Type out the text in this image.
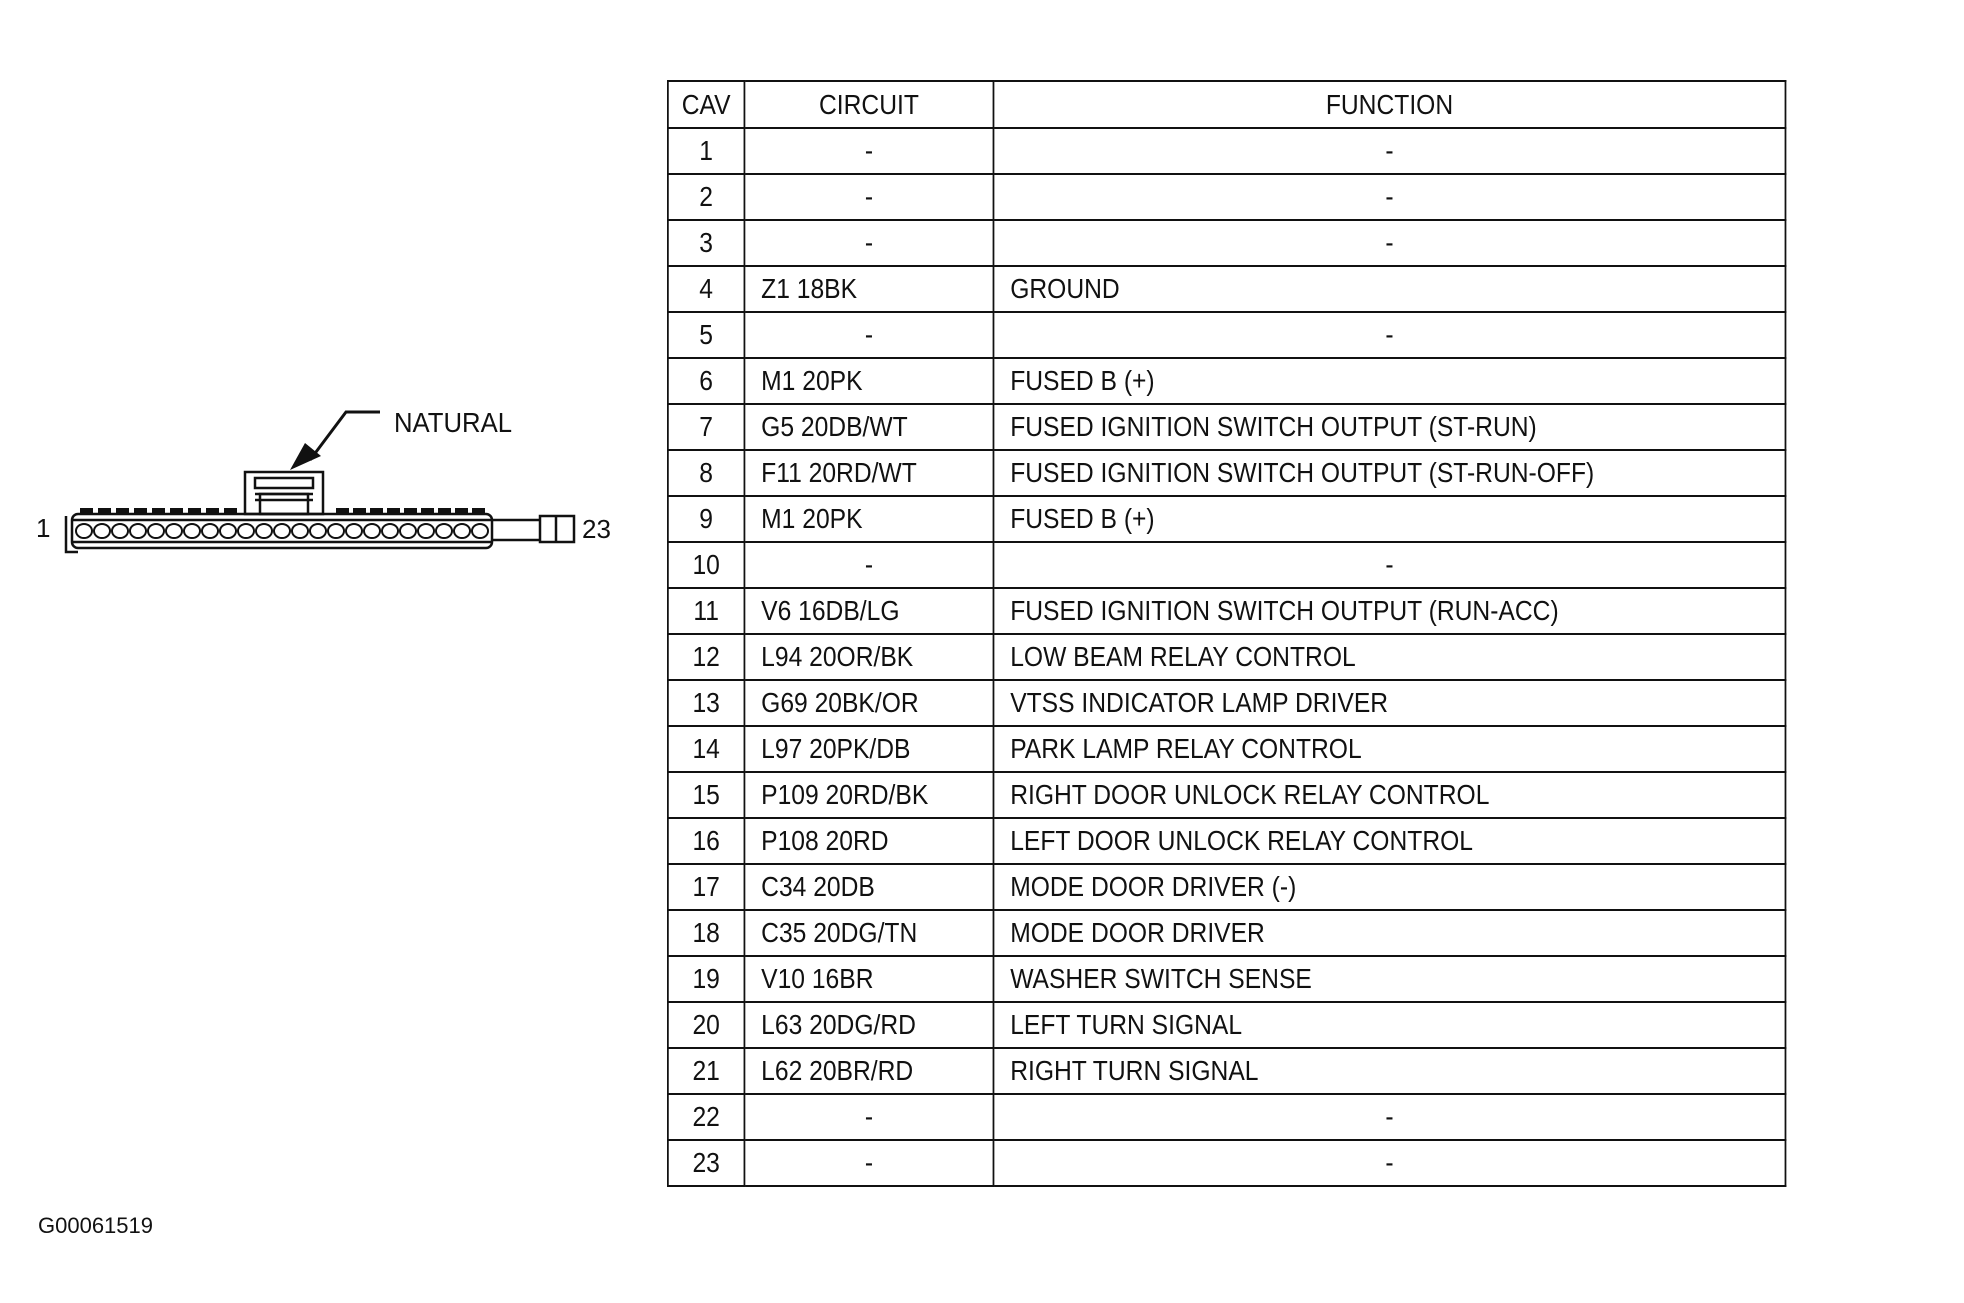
NATURAL
1	23
CAV	CIRCUIT	FUNCTION
1	-	-
2	-	-
3	-	-
4	Z1 18BK	GROUND
5	-	-
6	M1 20PK	FUSED B (+)
7	G5 20DB/WT	FUSED IGNITION SWITCH OUTPUT (ST-RUN)
8	F11 20RD/WT	FUSED IGNITION SWITCH OUTPUT (ST-RUN-OFF)
9	M1 20PK	FUSED B (+)
10	-	-
11	V6 16DB/LG	FUSED IGNITION SWITCH OUTPUT (RUN-ACC)
12	L94 20OR/BK	LOW BEAM RELAY CONTROL
13	G69 20BK/OR	VTSS INDICATOR LAMP DRIVER
14	L97 20PK/DB	PARK LAMP RELAY CONTROL
15	P109 20RD/BK	RIGHT DOOR UNLOCK RELAY CONTROL
16	P108 20RD	LEFT DOOR UNLOCK RELAY CONTROL
17	C34 20DB	MODE DOOR DRIVER (-)
18	C35 20DG/TN	MODE DOOR DRIVER
19	V10 16BR	WASHER SWITCH SENSE
20	L63 20DG/RD	LEFT TURN SIGNAL
21	L62 20BR/RD	RIGHT TURN SIGNAL
22	-	-
23	-	-
G00061519
